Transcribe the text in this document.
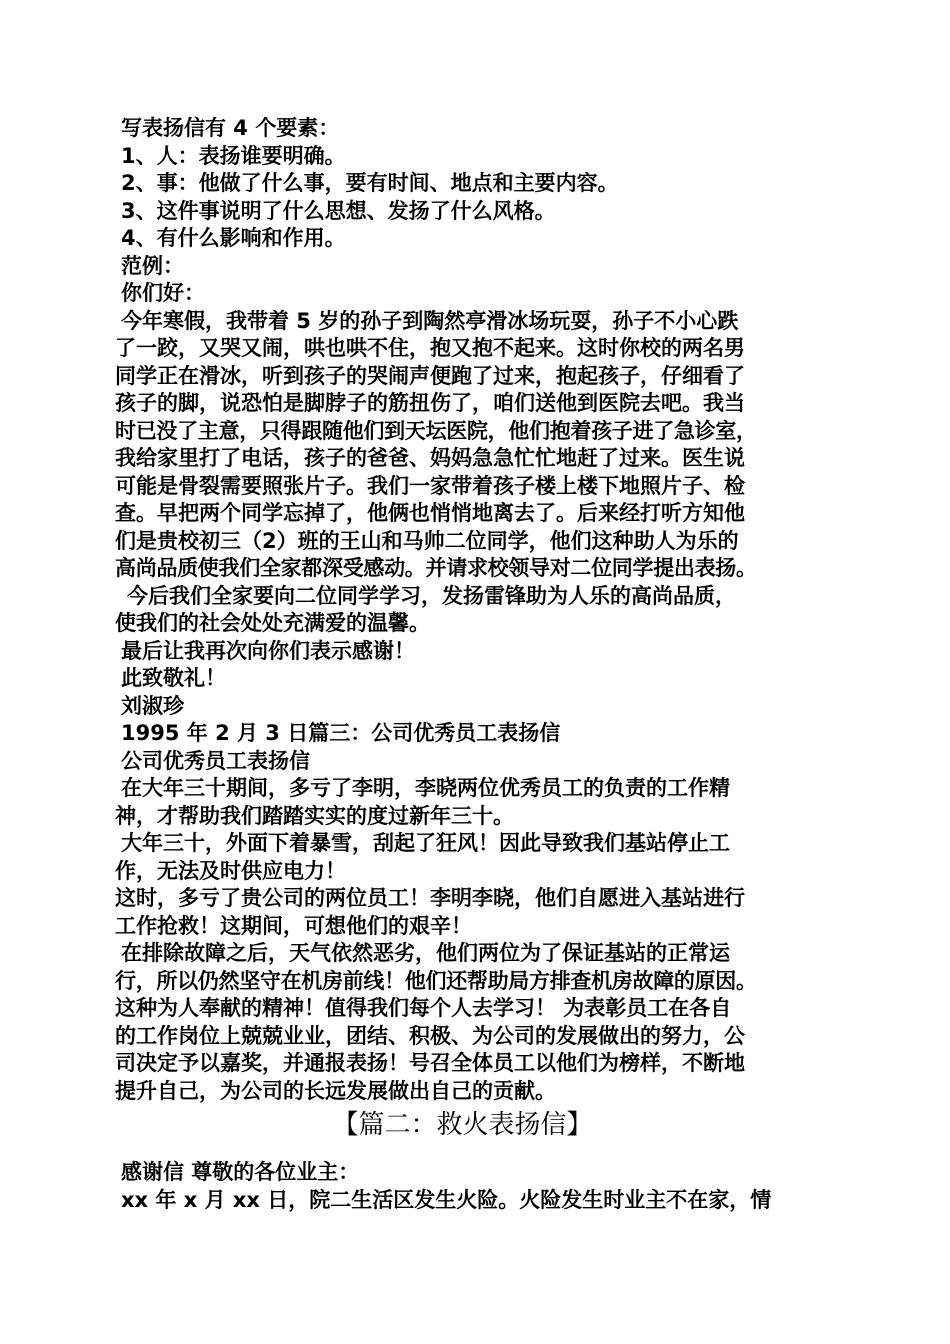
写表扬信有 4 个要素：
1、人：表扬谁要明确。
2、事：他做了什么事，要有时间、地点和主要内容。
3、这件事说明了什么思想、发扬了什么风格。
4、有什么影响和作用。
范例：
你们好：
今年寒假，我带着 5 岁的孙子到陶然亭滑冰场玩耍，孙子不小心跌
了一跤，又哭又闹，哄也哄不住，抱又抱不起来。这时你校的两名男
同学正在滑冰，听到孩子的哭闹声便跑了过来，抱起孩子，仔细看了
孩子的脚，说恐怕是脚脖子的筋扭伤了，咱们送他到医院去吧。我当
时已没了主意，只得跟随他们到天坛医院，他们抱着孩子进了急诊室，
我给家里打了电话，孩子的爸爸、妈妈急急忙忙地赶了过来。医生说
可能是骨裂需要照张片子。我们一家带着孩子楼上楼下地照片子、检
查。早把两个同学忘掉了，他俩也悄悄地离去了。后来经打听方知他
们是贵校初三（2）班的王山和马帅二位同学，他们这种助人为乐的
高尚品质使我们全家都深受感动。并请求校领导对二位同学提出表扬。
今后我们全家要向二位同学学习，发扬雷锋助为人乐的高尚品质，
使我们的社会处处充满爱的温馨。
最后让我再次向你们表示感谢！
此致敬礼！
刘淑珍
1995 年 2 月 3 日篇三：公司优秀员工表扬信
公司优秀员工表扬信
在大年三十期间，多亏了李明，李晓两位优秀员工的负责的工作精
神，才帮助我们踏踏实实的度过新年三十。
大年三十，外面下着暴雪，刮起了狂风！因此导致我们基站停止工
作，无法及时供应电力！
这时，多亏了贵公司的两位员工！李明李晓，他们自愿进入基站进行
工作抢救！这期间，可想他们的艰辛！
在排除故障之后，天气依然恶劣，他们两位为了保证基站的正常运
行，所以仍然坚守在机房前线！他们还帮助局方排查机房故障的原因。
这种为人奉献的精神！值得我们每个人去学习！ 为表彰员工在各自
的工作岗位上兢兢业业，团结、积极、为公司的发展做出的努力，公
司决定予以嘉奖，并通报表扬！号召全体员工以他们为榜样，不断地
提升自己，为公司的长远发展做出自己的贡献。
【篇二：救火表扬信】
感谢信 尊敬的各位业主：
xx 年 x 月 xx 日，院二生活区发生火险。火险发生时业主不在家，情
